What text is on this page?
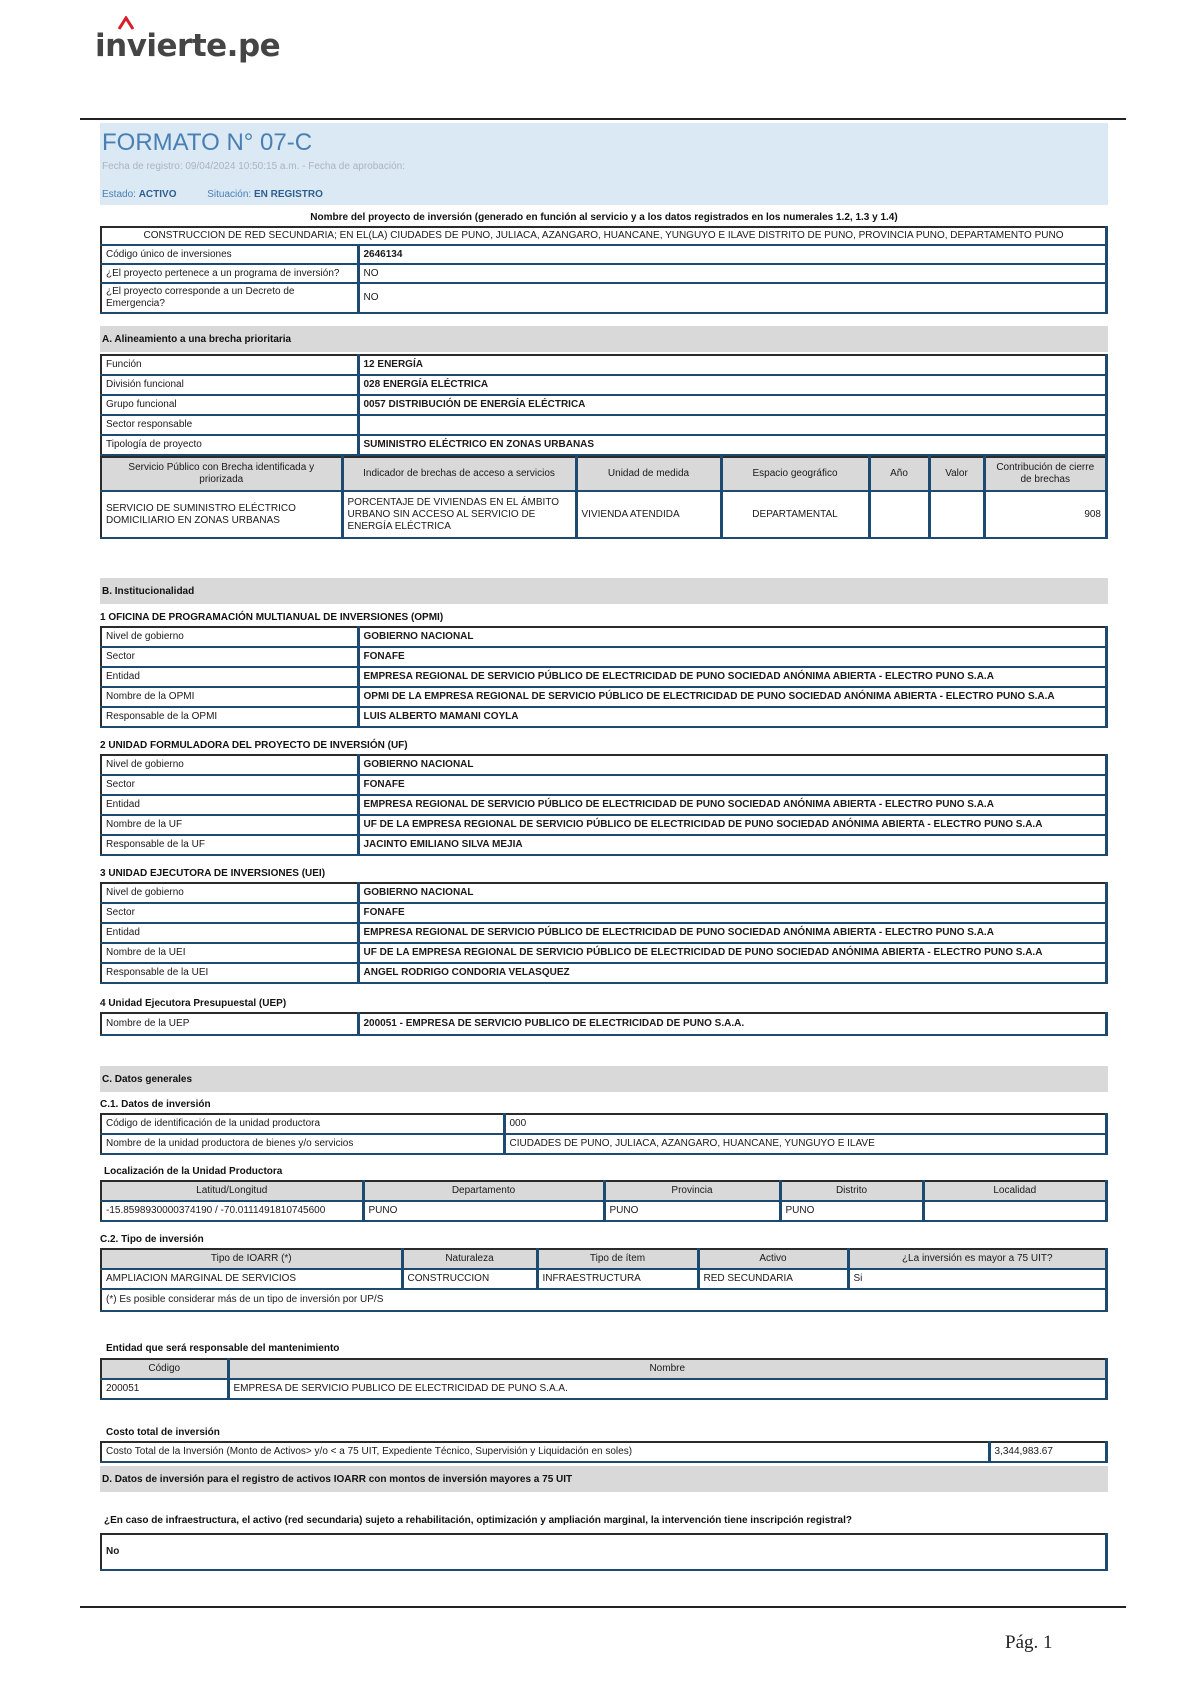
invierte.pe
FORMATO N° 07-C
Fecha de registro: 09/04/2024 10:50:15 a.m. - Fecha de aprobación:
Estado: ACTIVO	Situación: EN REGISTRO
Nombre del proyecto de inversión (generado en función al servicio y a los datos registrados en los numerales 1.2, 1.3 y 1.4)
CONSTRUCCION DE RED SECUNDARIA; EN EL(LA) CIUDADES DE PUNO, JULIACA, AZANGARO, HUANCANE, YUNGUYO E ILAVE DISTRITO DE PUNO, PROVINCIA PUNO, DEPARTAMENTO PUNO	
Código único de inversiones	2646134
¿El proyecto pertenece a un programa de inversión?	NO
¿El proyecto corresponde a un Decreto de Emergencia?	NO
A. Alineamiento a una brecha prioritaria
Función	12 ENERGÍA
División funcional	028 ENERGÍA ELÉCTRICA
Grupo funcional	0057 DISTRIBUCIÓN DE ENERGÍA ELÉCTRICA
Sector responsable	
Tipología de proyecto	SUMINISTRO ELÉCTRICO EN ZONAS URBANAS
Servicio Público con Brecha identificada y priorizada	Indicador de brechas de acceso a servicios	Unidad de medida	Espacio geográfico	Año	Valor	Contribución de cierre de brechas
SERVICIO DE SUMINISTRO ELÉCTRICO DOMICILIARIO EN ZONAS URBANAS	PORCENTAJE DE VIVIENDAS EN EL ÁMBITO URBANO SIN ACCESO AL SERVICIO DE ENERGÍA ELÉCTRICA	VIVIENDA ATENDIDA	DEPARTAMENTAL			908
B. Institucionalidad
1 OFICINA DE PROGRAMACIÓN MULTIANUAL DE INVERSIONES (OPMI)
Nivel de gobierno	GOBIERNO NACIONAL
Sector	FONAFE
Entidad	EMPRESA REGIONAL DE SERVICIO PÚBLICO DE ELECTRICIDAD DE PUNO SOCIEDAD ANÓNIMA ABIERTA - ELECTRO PUNO S.A.A
Nombre de la OPMI	OPMI DE LA EMPRESA REGIONAL DE SERVICIO PÚBLICO DE ELECTRICIDAD DE PUNO SOCIEDAD ANÓNIMA ABIERTA - ELECTRO PUNO S.A.A
Responsable de la OPMI	LUIS ALBERTO MAMANI COYLA
2 UNIDAD FORMULADORA DEL PROYECTO DE INVERSIÓN (UF)
Nivel de gobierno	GOBIERNO NACIONAL
Sector	FONAFE
Entidad	EMPRESA REGIONAL DE SERVICIO PÚBLICO DE ELECTRICIDAD DE PUNO SOCIEDAD ANÓNIMA ABIERTA - ELECTRO PUNO S.A.A
Nombre de la UF	UF DE LA EMPRESA REGIONAL DE SERVICIO PÚBLICO DE ELECTRICIDAD DE PUNO SOCIEDAD ANÓNIMA ABIERTA - ELECTRO PUNO S.A.A
Responsable de la UF	JACINTO EMILIANO SILVA MEJIA
3 UNIDAD EJECUTORA DE INVERSIONES (UEI)
Nivel de gobierno	GOBIERNO NACIONAL
Sector	FONAFE
Entidad	EMPRESA REGIONAL DE SERVICIO PÚBLICO DE ELECTRICIDAD DE PUNO SOCIEDAD ANÓNIMA ABIERTA - ELECTRO PUNO S.A.A
Nombre de la UEI	UF DE LA EMPRESA REGIONAL DE SERVICIO PÚBLICO DE ELECTRICIDAD DE PUNO SOCIEDAD ANÓNIMA ABIERTA - ELECTRO PUNO S.A.A
Responsable de la UEI	ANGEL RODRIGO CONDORIA VELASQUEZ
4 Unidad Ejecutora Presupuestal (UEP)
Nombre de la UEP	200051 - EMPRESA DE SERVICIO PUBLICO DE ELECTRICIDAD DE PUNO S.A.A.
C. Datos generales
C.1. Datos de inversión
Código de identificación de la unidad productora	000
Nombre de la unidad productora de bienes y/o servicios	CIUDADES DE PUNO, JULIACA, AZANGARO, HUANCANE, YUNGUYO E ILAVE
Localización de la Unidad Productora
Latitud/Longitud	Departamento	Provincia	Distrito	Localidad
-15.8598930000374190 / -70.0111491810745600	PUNO	PUNO	PUNO	
C.2. Tipo de inversión
Tipo de IOARR (*)	Naturaleza	Tipo de ítem	Activo	¿La inversión es mayor a 75 UIT?
AMPLIACION MARGINAL DE SERVICIOS	CONSTRUCCION	INFRAESTRUCTURA	RED SECUNDARIA	Si
(*) Es posible considerar más de un tipo de inversión por UP/S				
Entidad que será responsable del mantenimiento
Código	Nombre
200051	EMPRESA DE SERVICIO PUBLICO DE ELECTRICIDAD DE PUNO S.A.A.
Costo total de inversión
Costo Total de la Inversión (Monto de Activos> y/o < a 75 UIT, Expediente Técnico, Supervisión y Liquidación en soles)	3,344,983.67
D. Datos de inversión para el registro de activos IOARR con montos de inversión mayores a 75 UIT
¿En caso de infraestructura, el activo (red secundaria) sujeto a rehabilitación, optimización y ampliación marginal, la intervención tiene inscripción registral?
No
Pág. 1
